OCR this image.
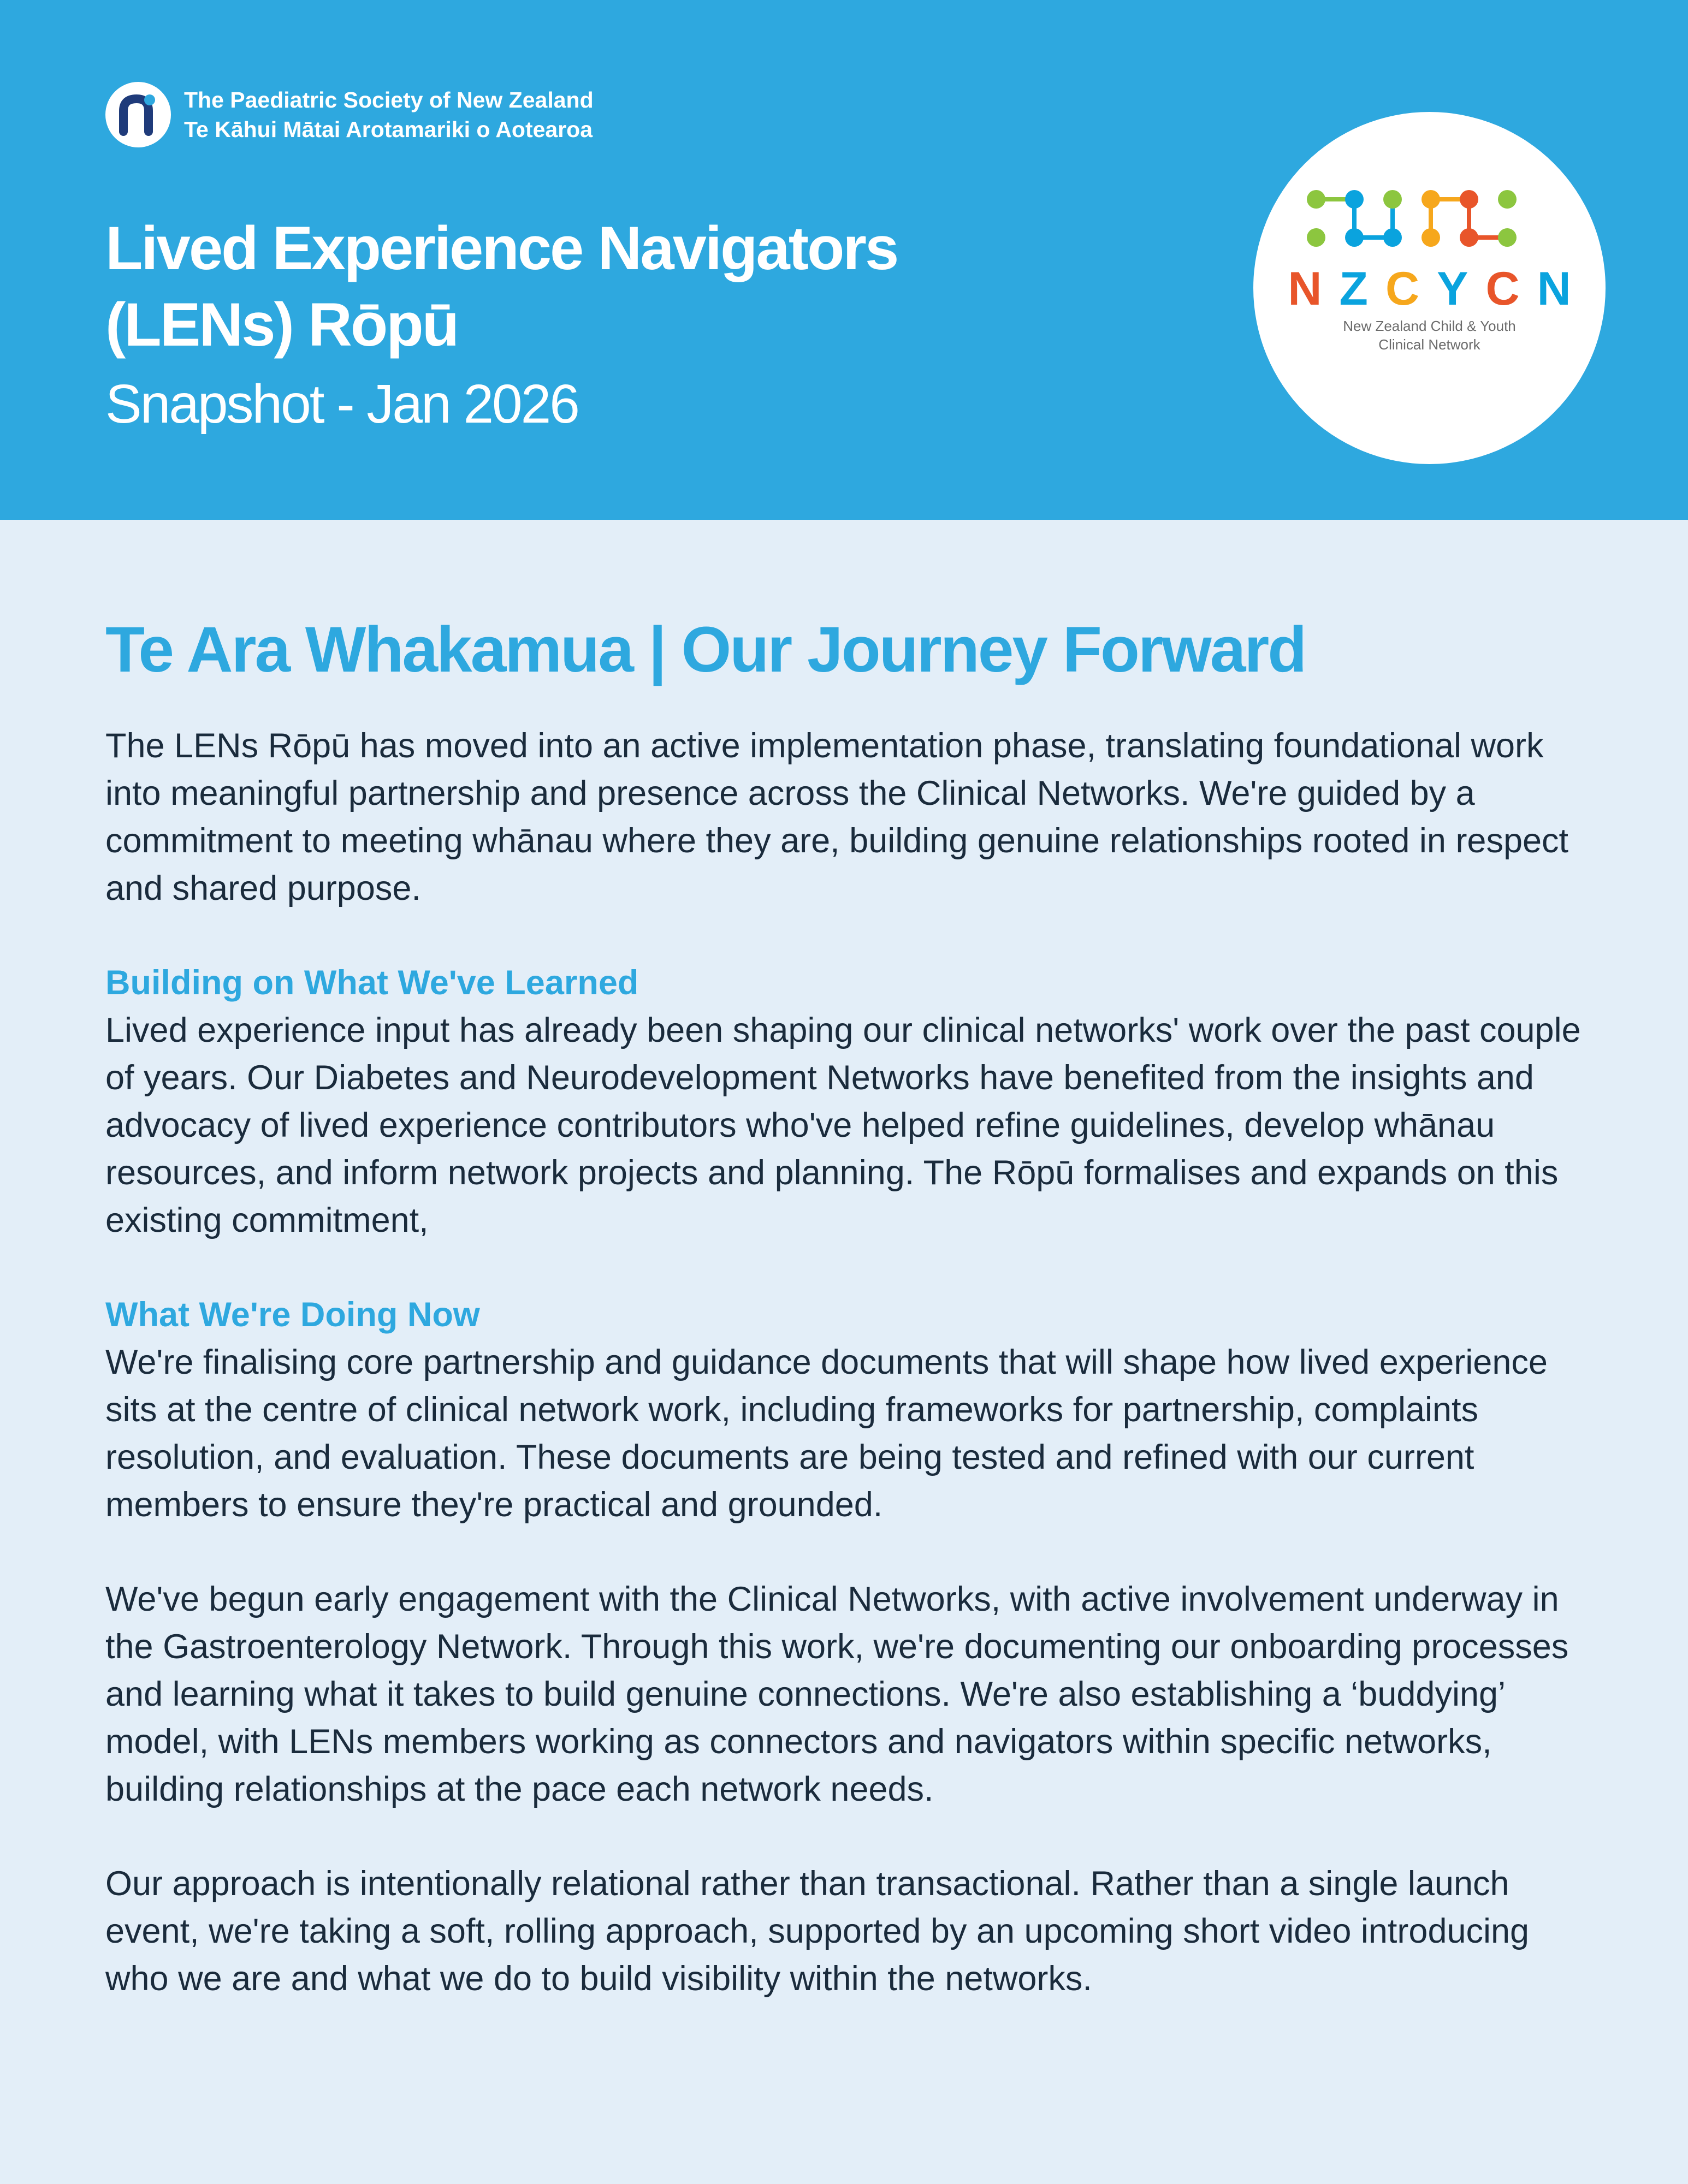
The Paediatric Society of New Zealand
Te Kāhui Mātai Arotamariki o Aotearoa
Lived Experience Navigators
(LENs) Rōpū
Snapshot - Jan 2026
NZCYCN
New Zealand Child & Youth
Clinical Network
Te Ara Whakamua | Our Journey Forward

The LENs Rōpū has moved into an active implementation phase, translating foundational work into meaningful partnership and presence across the Clinical Networks. We're guided by a commitment to meeting whānau where they are, building genuine relationships rooted in respect and shared purpose.

Building on What We've Learned

Lived experience input has already been shaping our clinical networks' work over the past couple of years. Our Diabetes and Neurodevelopment Networks have benefited from the insights and advocacy of lived experience contributors who've helped refine guidelines, develop whānau resources, and inform network projects and planning. The Rōpū formalises and expands on this existing commitment,

What We're Doing Now

We're finalising core partnership and guidance documents that will shape how lived experience sits at the centre of clinical network work, including frameworks for partnership, complaints resolution, and evaluation. These documents are being tested and refined with our current members to ensure they're practical and grounded.

We've begun early engagement with the Clinical Networks, with active involvement underway in the Gastroenterology Network. Through this work, we're documenting our onboarding processes and learning what it takes to build genuine connections. We're also establishing a ‘buddying’ model, with LENs members working as connectors and navigators within specific networks, building relationships at the pace each network needs.

Our approach is intentionally relational rather than transactional. Rather than a single launch event, we're taking a soft, rolling approach, supported by an upcoming short video introducing who we are and what we do to build visibility within the networks.
